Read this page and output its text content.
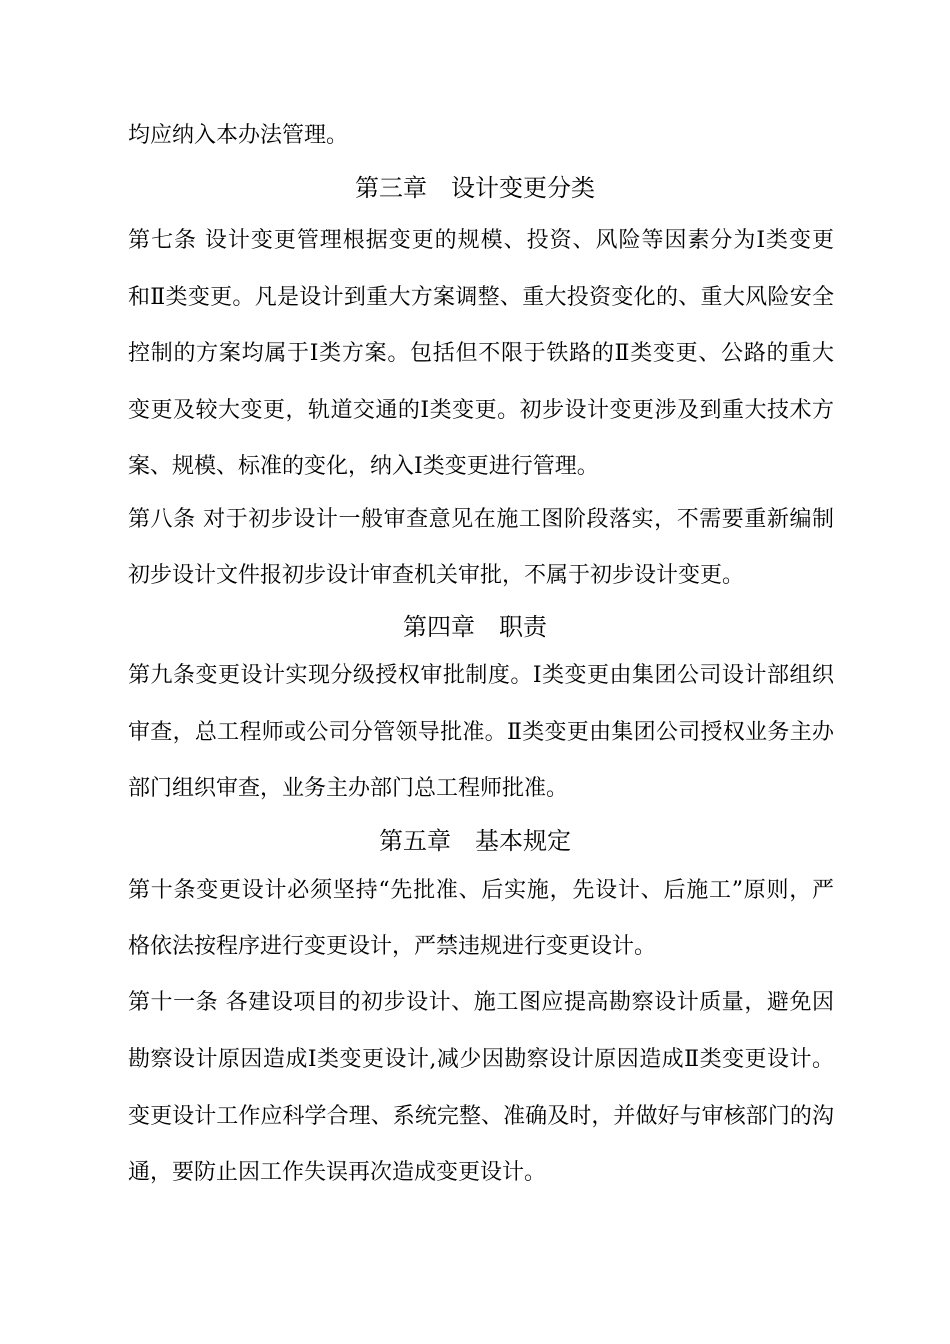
均应纳入本办法管理。
第三章　设计变更分类
第七条 设计变更管理根据变更的规模、投资、风险等因素分为Ⅰ类变更
和Ⅱ类变更。凡是设计到重大方案调整、重大投资变化的、重大风险安全
控制的方案均属于Ⅰ类方案。包括但不限于铁路的Ⅱ类变更、公路的重大
变更及较大变更，轨道交通的Ⅰ类变更。初步设计变更涉及到重大技术方
案、规模、标准的变化，纳入Ⅰ类变更进行管理。
第八条 对于初步设计一般审查意见在施工图阶段落实，不需要重新编制
初步设计文件报初步设计审查机关审批，不属于初步设计变更。
第四章　职责
第九条变更设计实现分级授权审批制度。Ⅰ类变更由集团公司设计部组织
审查，总工程师或公司分管领导批准。Ⅱ类变更由集团公司授权业务主办
部门组织审查，业务主办部门总工程师批准。
第五章　基本规定
第十条变更设计必须坚持“先批准、后实施，先设计、后施工”原则，严
格依法按程序进行变更设计，严禁违规进行变更设计。
第十一条 各建设项目的初步设计、施工图应提高勘察设计质量，避免因
勘察设计原因造成Ⅰ类变更设计,减少因勘察设计原因造成Ⅱ类变更设计。
变更设计工作应科学合理、系统完整、准确及时，并做好与审核部门的沟
通，要防止因工作失误再次造成变更设计。
